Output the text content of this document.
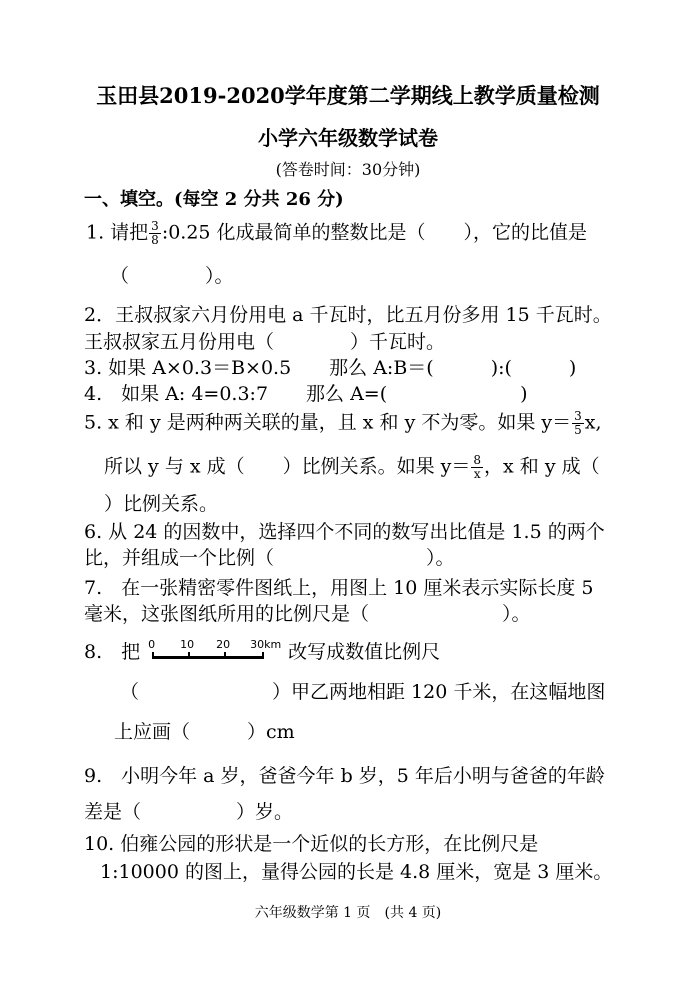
玉田县2019-2020学年度第二学期线上教学质量检测
小学六年级数学试卷
(答卷时间：30分钟)
一、填空。(每空 2 分共 26 分)
1. 请把 $\frac{3}{8}$ :0.25 化成最简单的整数比是（　　），它的比值是
（　　　　）。
2．王叔叔家六月份用电 a 千瓦时，比五月份多用 15 千瓦时。
王叔叔家五月份用电（　　　　）千瓦时。
3. 如果 A×0.3＝B×0.5　　那么 A:B＝(　　　):(　　　)
4.　如果 A: 4=0.3:7　　那么 A=(　　　　　　　)
5. x 和 y 是两种两关联的量，且 x 和 y 不为零。如果 $y= \frac{3}{5} x$,
所以 y 与 x 成（　　）比例关系。如果 $y= \frac{8}{x}$ ，x 和 y 成（
）比例关系。
6. 从 24 的因数中，选择四个不同的数写出比值是 1.5 的两个
比，并组成一个比例（　　　　　　　　）。
7.　在一张精密零件图纸上，用图上 10 厘米表示实际长度 5
毫米，这张图纸所用的比例尺是（　　　　　　　）。
8.　把 0 10 20 30km 改写成数值比例尺
（　　　　　　　）甲乙两地相距 120 千米，在这幅地图
上应画（　　　）cm
9.　小明今年 a 岁，爸爸今年 b 岁，5 年后小明与爸爸的年龄
差是（　　　　　）岁。
10. 伯雍公园的形状是一个近似的长方形，在比例尺是
1:10000 的图上，量得公园的长是 4.8 厘米，宽是 3 厘米。
六年级数学第 1 页　(共 4 页)
